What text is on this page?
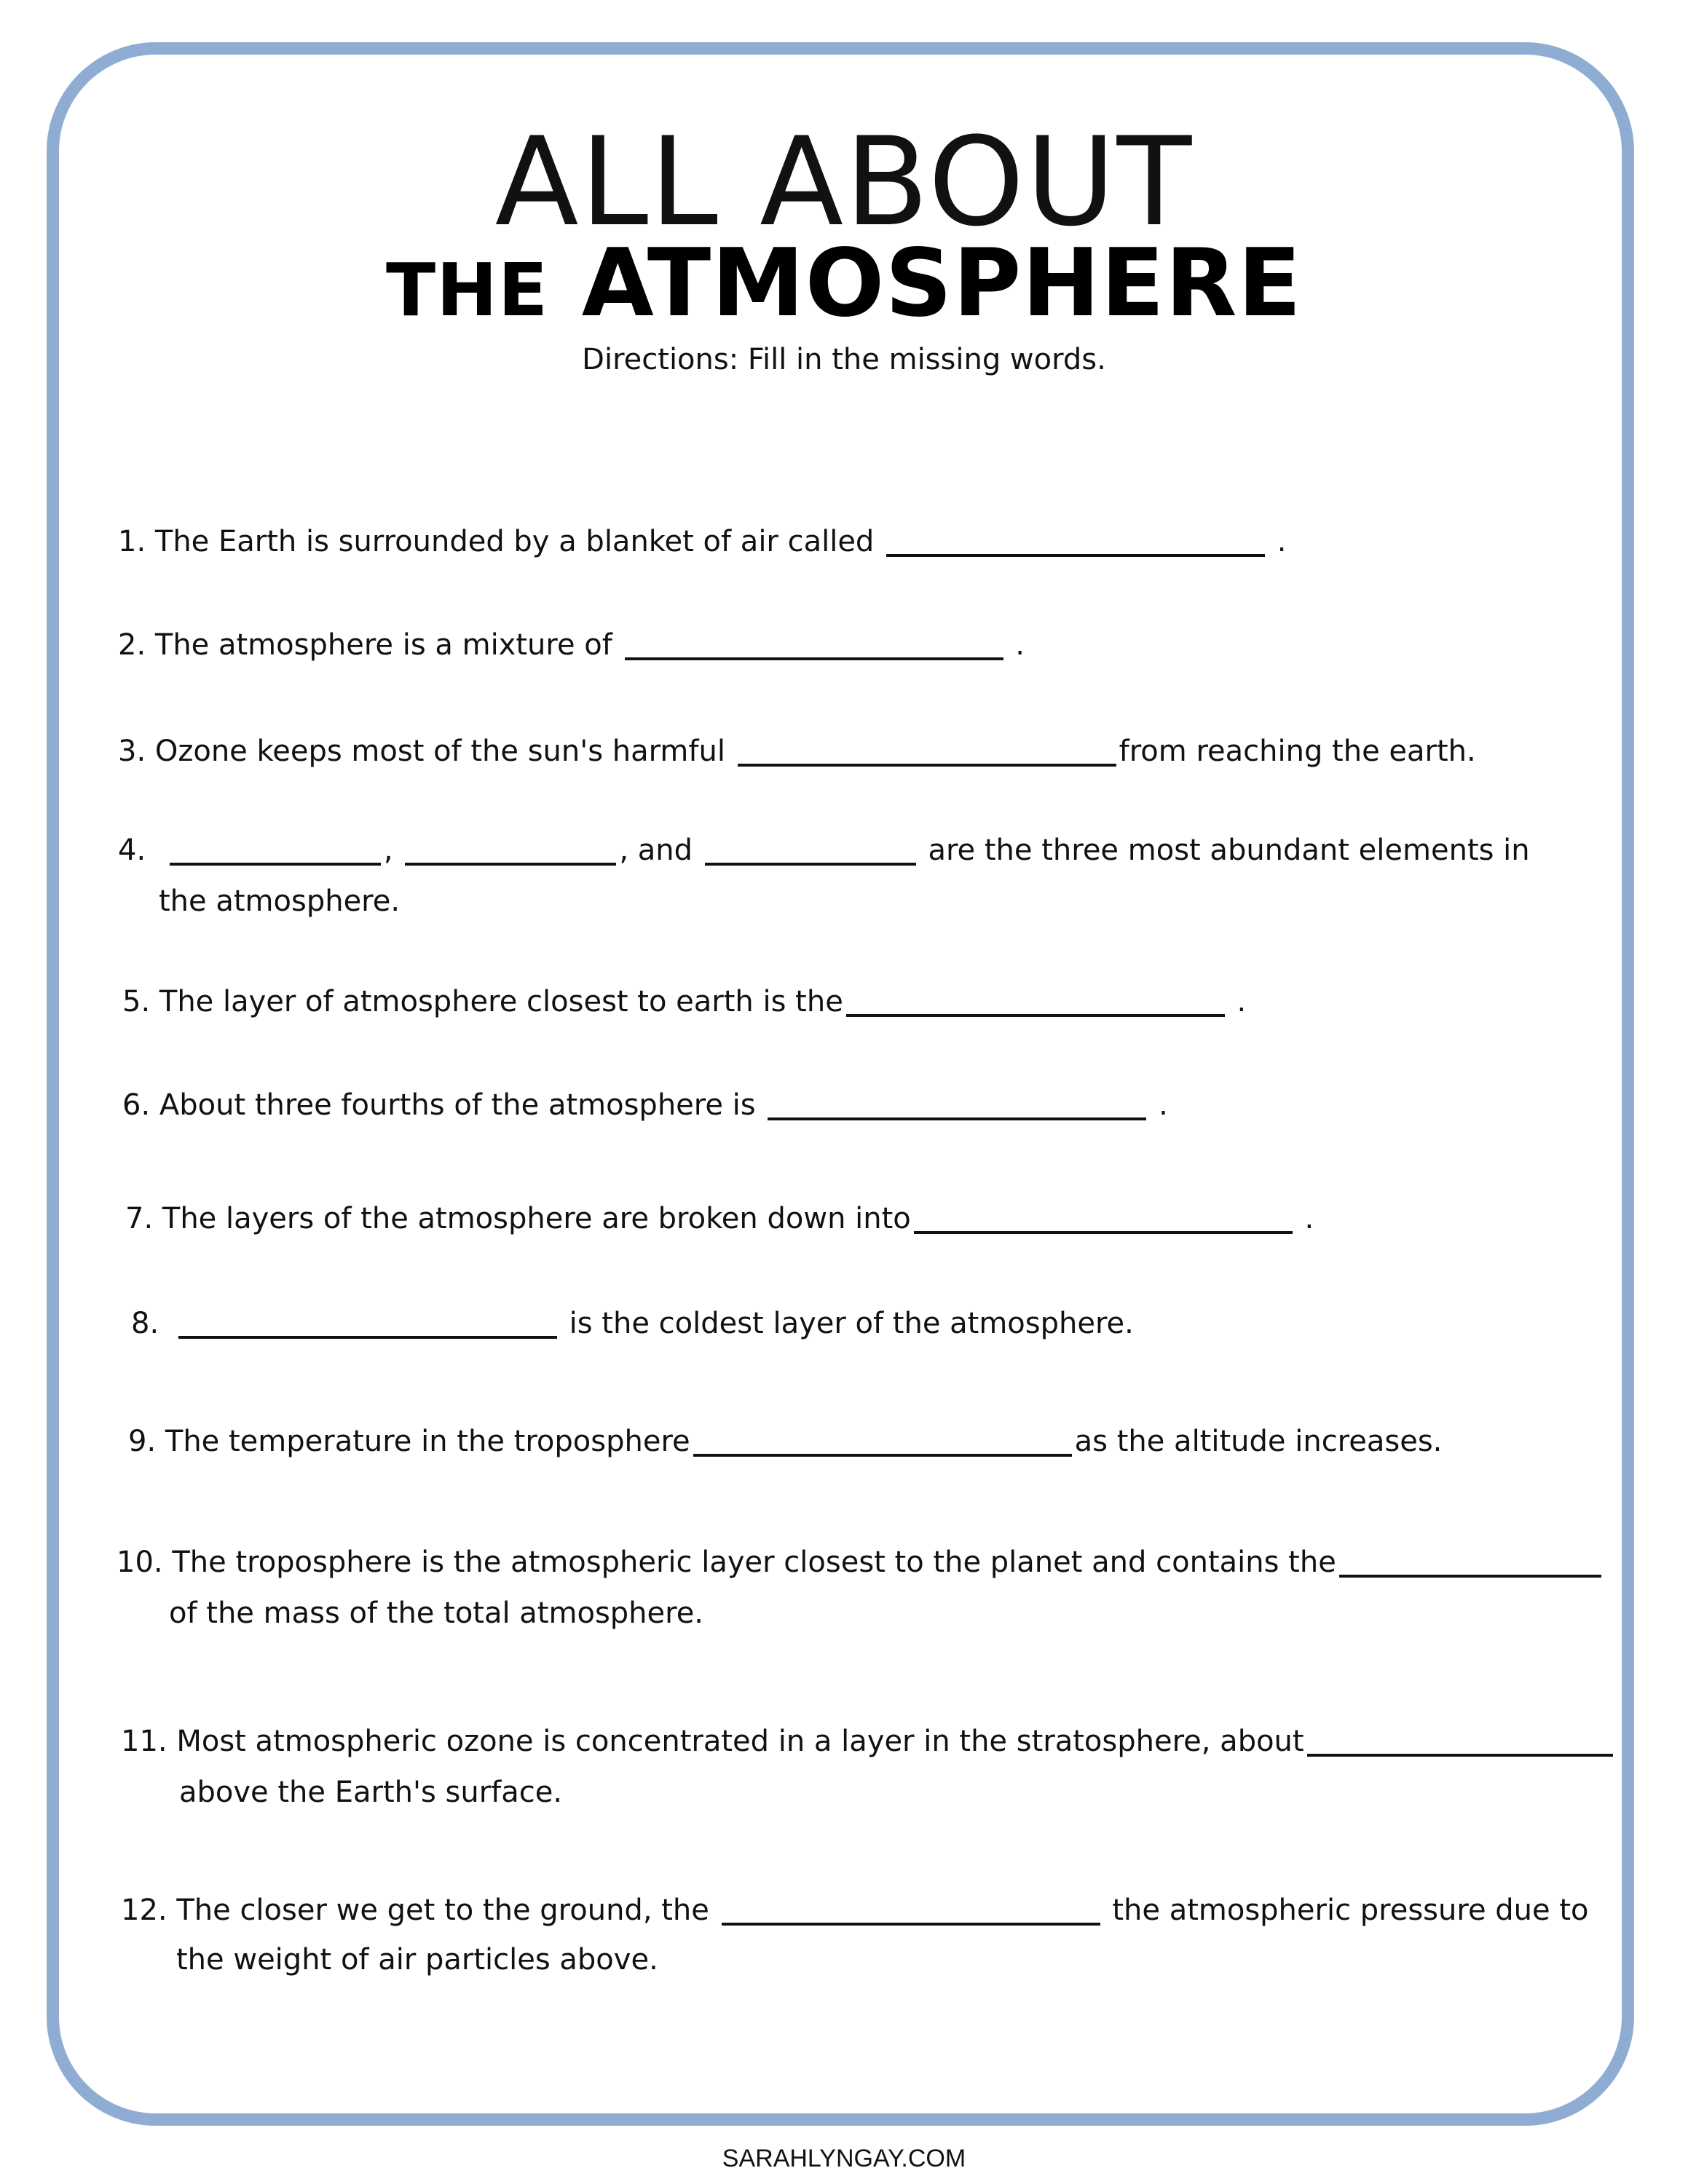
ALL ABOUT
THE ATMOSPHERE
Directions: Fill in the missing words.
1. The Earth is surrounded by a blanket of air called	.
2. The atmosphere is a mixture of	.
3. Ozone keeps most of the sun's harmful	from reaching the earth.
4.	,	, and	are the three most abundant elements in
the atmosphere.
5. The layer of atmosphere closest to earth is the	.
6. About three fourths of the atmosphere is	.
7. The layers of the atmosphere are broken down into	.
8.	is the coldest layer of the atmosphere.
9. The temperature in the troposphere	as the altitude increases.
10. The troposphere is the atmospheric layer closest to the planet and contains the
of the mass of the total atmosphere.
11. Most atmospheric ozone is concentrated in a layer in the stratosphere, about
above the Earth's surface.
12. The closer we get to the ground, the	the atmospheric pressure due to
the weight of air particles above.
SARAHLYNGAY.COM
